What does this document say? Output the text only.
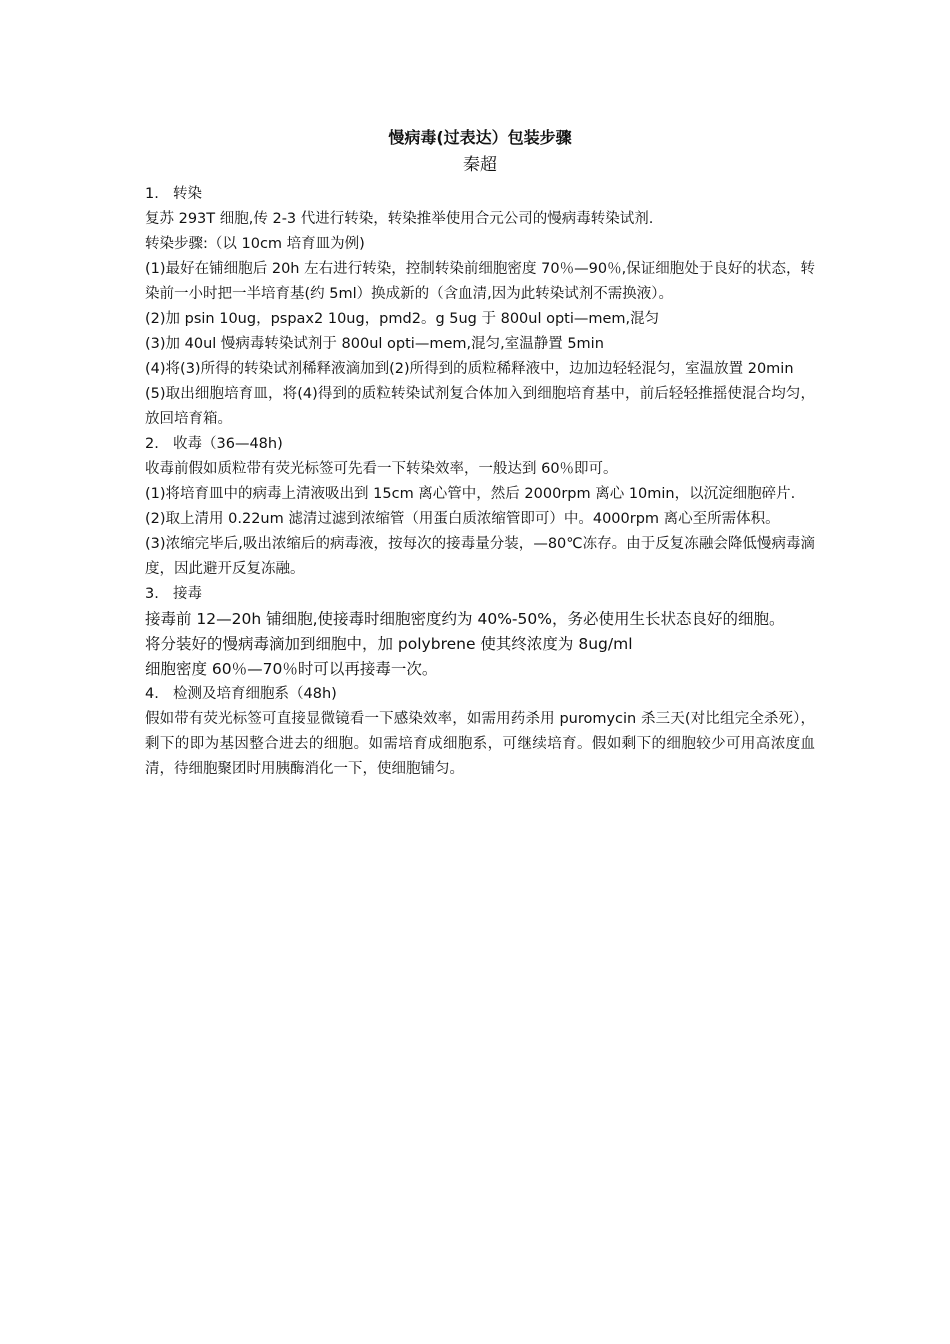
慢病毒(过表达）包装步骤

秦超

1. 转染

复苏 293T 细胞,传 2-3 代进行转染，转染推举使用合元公司的慢病毒转染试剂.

转染步骤:（以 10cm 培育皿为例)

(1)最好在铺细胞后 20h 左右进行转染，控制转染前细胞密度 70％—90％,保证细胞处于良好的状态，转染前一小时把一半培育基(约 5ml）换成新的（含血清,因为此转染试剂不需换液）。

(2)加 psin 10ug，pspax2 10ug，pmd2。g 5ug 于 800ul opti—mem,混匀

(3)加 40ul 慢病毒转染试剂于 800ul opti—mem,混匀,室温静置 5min

(4)将(3)所得的转染试剂稀释液滴加到(2)所得到的质粒稀释液中，边加边轻轻混匀，室温放置 20min

(5)取出细胞培育皿，将(4)得到的质粒转染试剂复合体加入到细胞培育基中，前后轻轻推摇使混合均匀，放回培育箱。

2. 收毒（36—48h)

收毒前假如质粒带有荧光标签可先看一下转染效率，一般达到 60％即可。

(1)将培育皿中的病毒上清液吸出到 15cm 离心管中，然后 2000rpm 离心 10min，以沉淀细胞碎片.

(2)取上清用 0.22um 滤清过滤到浓缩管（用蛋白质浓缩管即可）中。4000rpm 离心至所需体积。

(3)浓缩完毕后,吸出浓缩后的病毒液，按每次的接毒量分装，—80℃冻存。由于反复冻融会降低慢病毒滴度，因此避开反复冻融。

3. 接毒

接毒前 12—20h 铺细胞,使接毒时细胞密度约为 40%-50%，务必使用生长状态良好的细胞。

将分装好的慢病毒滴加到细胞中，加 polybrene 使其终浓度为 8ug/ml

细胞密度 60％—70％时可以再接毒一次。

4. 检测及培育细胞系（48h)

假如带有荧光标签可直接显微镜看一下感染效率，如需用药杀用 puromycin 杀三天(对比组完全杀死），剩下的即为基因整合进去的细胞。如需培育成细胞系，可继续培育。假如剩下的细胞较少可用高浓度血清，待细胞聚团时用胰酶消化一下，使细胞铺匀。
